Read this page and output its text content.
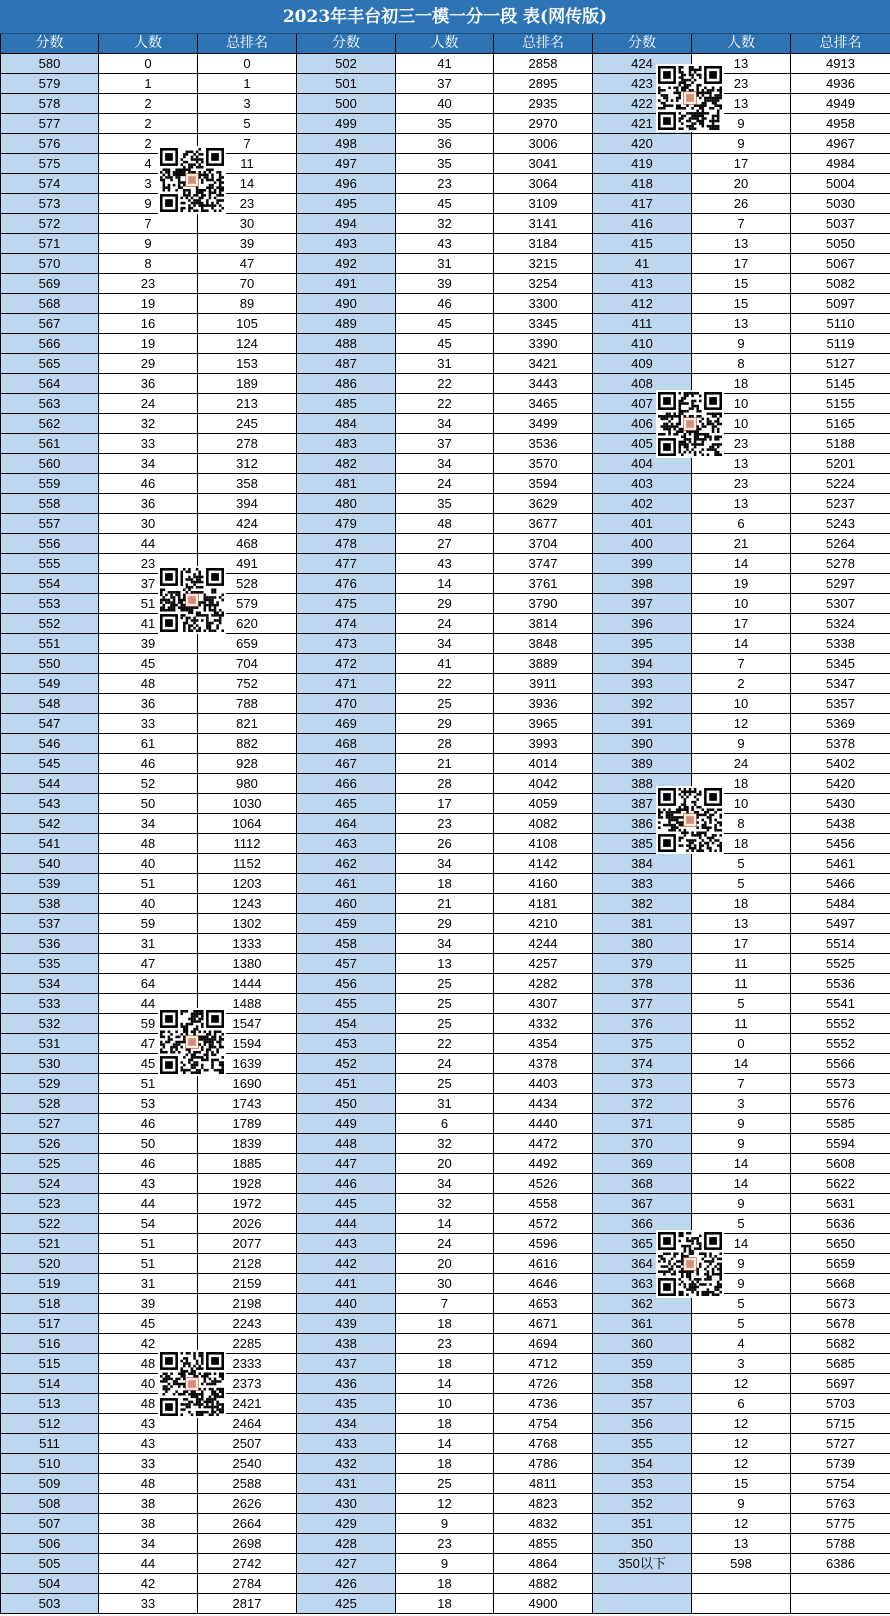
2023年丰台初三一模一分一段 表(网传版)
分数	人数	总排名	分数	人数	总排名	分数	人数	总排名
580	0	0	502	41	2858	424	13	4913
579	1	1	501	37	2895	423	23	4936
578	2	3	500	40	2935	422	13	4949
577	2	5	499	35	2970	421	9	4958
576	2	7	498	36	3006	420	9	4967
575	4	11	497	35	3041	419	17	4984
574	3	14	496	23	3064	418	20	5004
573	9	23	495	45	3109	417	26	5030
572	7	30	494	32	3141	416	7	5037
571	9	39	493	43	3184	415	13	5050
570	8	47	492	31	3215	41	17	5067
569	23	70	491	39	3254	413	15	5082
568	19	89	490	46	3300	412	15	5097
567	16	105	489	45	3345	411	13	5110
566	19	124	488	45	3390	410	9	5119
565	29	153	487	31	3421	409	8	5127
564	36	189	486	22	3443	408	18	5145
563	24	213	485	22	3465	407	10	5155
562	32	245	484	34	3499	406	10	5165
561	33	278	483	37	3536	405	23	5188
560	34	312	482	34	3570	404	13	5201
559	46	358	481	24	3594	403	23	5224
558	36	394	480	35	3629	402	13	5237
557	30	424	479	48	3677	401	6	5243
556	44	468	478	27	3704	400	21	5264
555	23	491	477	43	3747	399	14	5278
554	37	528	476	14	3761	398	19	5297
553	51	579	475	29	3790	397	10	5307
552	41	620	474	24	3814	396	17	5324
551	39	659	473	34	3848	395	14	5338
550	45	704	472	41	3889	394	7	5345
549	48	752	471	22	3911	393	2	5347
548	36	788	470	25	3936	392	10	5357
547	33	821	469	29	3965	391	12	5369
546	61	882	468	28	3993	390	9	5378
545	46	928	467	21	4014	389	24	5402
544	52	980	466	28	4042	388	18	5420
543	50	1030	465	17	4059	387	10	5430
542	34	1064	464	23	4082	386	8	5438
541	48	1112	463	26	4108	385	18	5456
540	40	1152	462	34	4142	384	5	5461
539	51	1203	461	18	4160	383	5	5466
538	40	1243	460	21	4181	382	18	5484
537	59	1302	459	29	4210	381	13	5497
536	31	1333	458	34	4244	380	17	5514
535	47	1380	457	13	4257	379	11	5525
534	64	1444	456	25	4282	378	11	5536
533	44	1488	455	25	4307	377	5	5541
532	59	1547	454	25	4332	376	11	5552
531	47	1594	453	22	4354	375	0	5552
530	45	1639	452	24	4378	374	14	5566
529	51	1690	451	25	4403	373	7	5573
528	53	1743	450	31	4434	372	3	5576
527	46	1789	449	6	4440	371	9	5585
526	50	1839	448	32	4472	370	9	5594
525	46	1885	447	20	4492	369	14	5608
524	43	1928	446	34	4526	368	14	5622
523	44	1972	445	32	4558	367	9	5631
522	54	2026	444	14	4572	366	5	5636
521	51	2077	443	24	4596	365	14	5650
520	51	2128	442	20	4616	364	9	5659
519	31	2159	441	30	4646	363	9	5668
518	39	2198	440	7	4653	362	5	5673
517	45	2243	439	18	4671	361	5	5678
516	42	2285	438	23	4694	360	4	5682
515	48	2333	437	18	4712	359	3	5685
514	40	2373	436	14	4726	358	12	5697
513	48	2421	435	10	4736	357	6	5703
512	43	2464	434	18	4754	356	12	5715
511	43	2507	433	14	4768	355	12	5727
510	33	2540	432	18	4786	354	12	5739
509	48	2588	431	25	4811	353	15	5754
508	38	2626	430	12	4823	352	9	5763
507	38	2664	429	9	4832	351	12	5775
506	34	2698	428	23	4855	350	13	5788
505	44	2742	427	9	4864	350以下	598	6386
504	42	2784	426	18	4882
503	33	2817	425	18	4900
